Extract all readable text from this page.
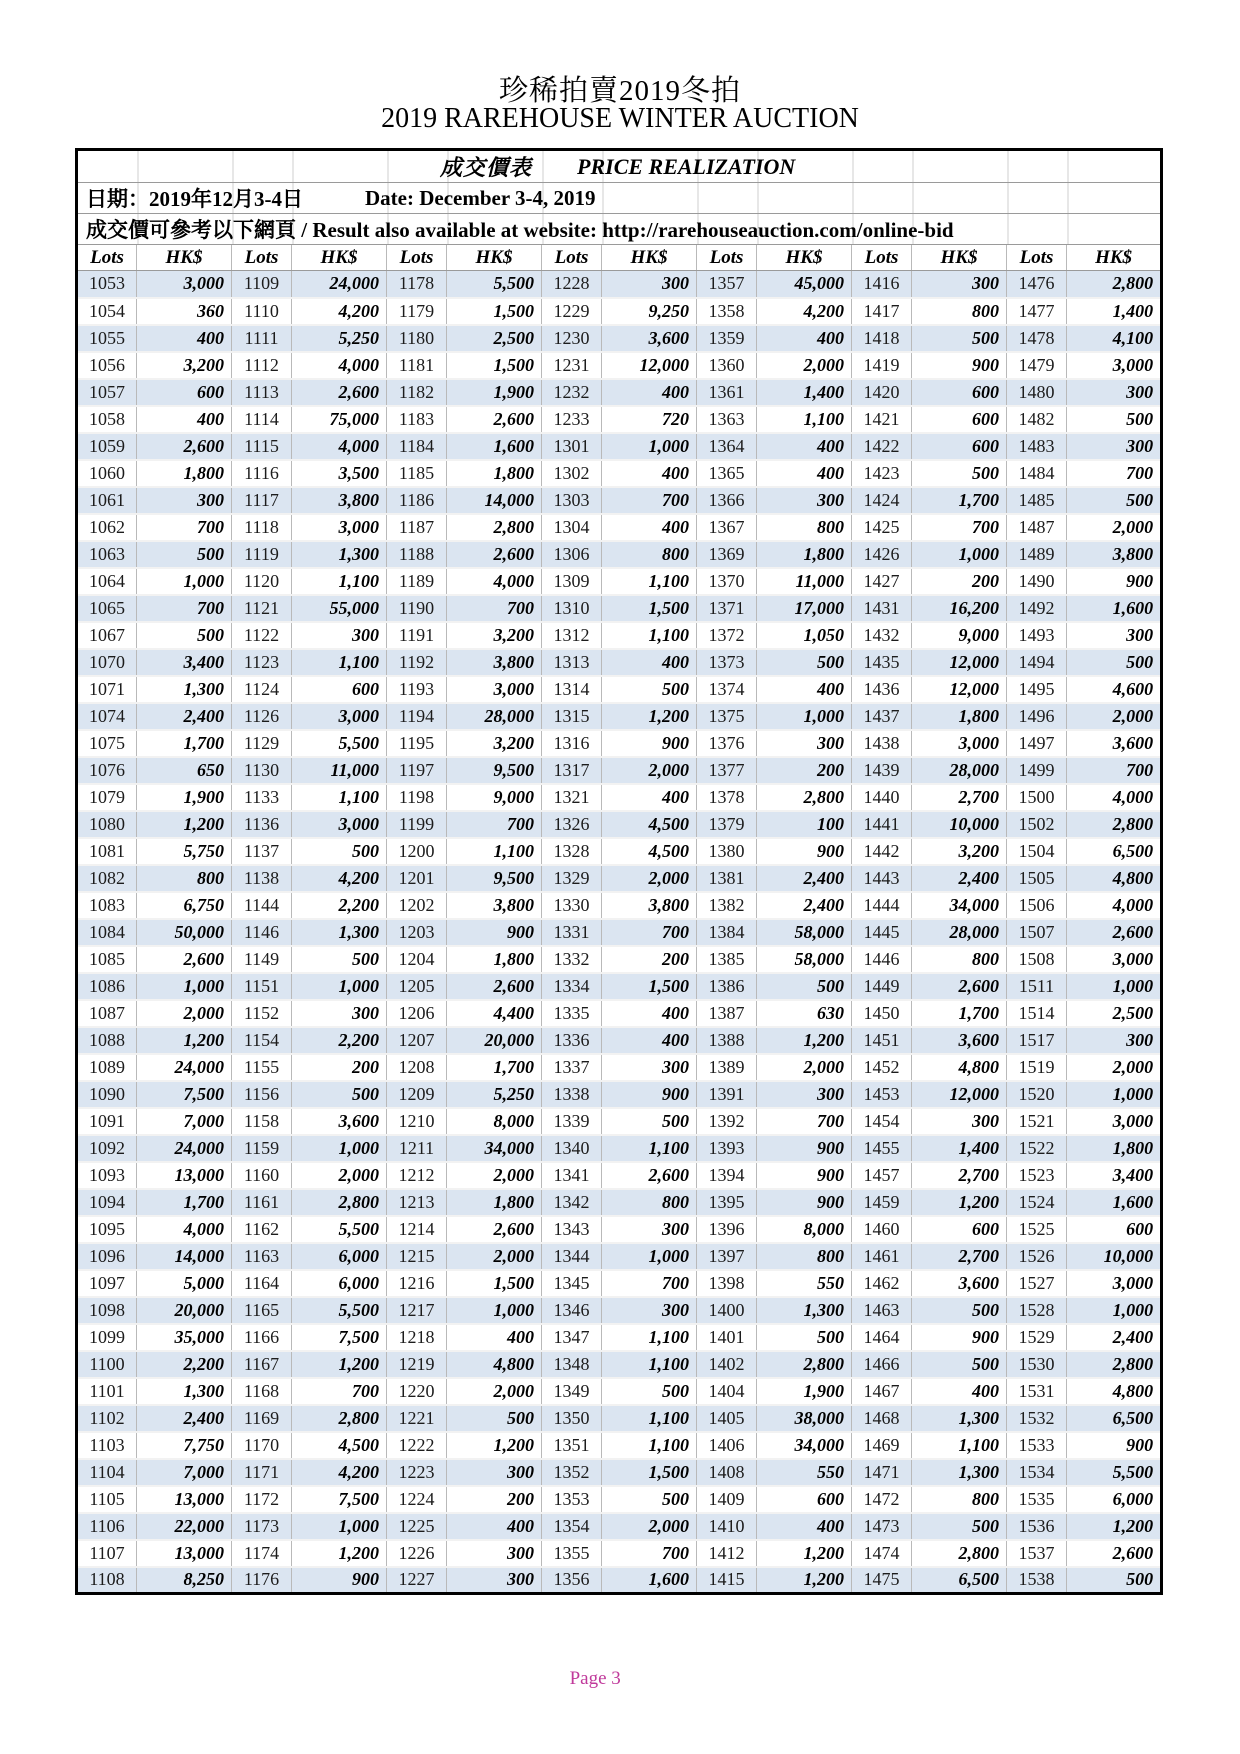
珍稀拍賣2019冬拍
2019 RAREHOUSE WINTER AUCTION
成交價表 PRICE REALIZATION													

日期：2019年12月3-4日 Date: December 3-4, 2019													

成交價可參考以下網頁 / Result also available at website: http://rarehouseauction.com/online-bid													

Lots	HK$	Lots	HK$	Lots	HK$	Lots	HK$	Lots	HK$	Lots	HK$	Lots	HK$
1053	3,000	1109	24,000	1178	5,500	1228	300	1357	45,000	1416	300	1476	2,800
1054	360	1110	4,200	1179	1,500	1229	9,250	1358	4,200	1417	800	1477	1,400
1055	400	1111	5,250	1180	2,500	1230	3,600	1359	400	1418	500	1478	4,100
1056	3,200	1112	4,000	1181	1,500	1231	12,000	1360	2,000	1419	900	1479	3,000
1057	600	1113	2,600	1182	1,900	1232	400	1361	1,400	1420	600	1480	300
1058	400	1114	75,000	1183	2,600	1233	720	1363	1,100	1421	600	1482	500
1059	2,600	1115	4,000	1184	1,600	1301	1,000	1364	400	1422	600	1483	300
1060	1,800	1116	3,500	1185	1,800	1302	400	1365	400	1423	500	1484	700
1061	300	1117	3,800	1186	14,000	1303	700	1366	300	1424	1,700	1485	500
1062	700	1118	3,000	1187	2,800	1304	400	1367	800	1425	700	1487	2,000
1063	500	1119	1,300	1188	2,600	1306	800	1369	1,800	1426	1,000	1489	3,800
1064	1,000	1120	1,100	1189	4,000	1309	1,100	1370	11,000	1427	200	1490	900
1065	700	1121	55,000	1190	700	1310	1,500	1371	17,000	1431	16,200	1492	1,600
1067	500	1122	300	1191	3,200	1312	1,100	1372	1,050	1432	9,000	1493	300
1070	3,400	1123	1,100	1192	3,800	1313	400	1373	500	1435	12,000	1494	500
1071	1,300	1124	600	1193	3,000	1314	500	1374	400	1436	12,000	1495	4,600
1074	2,400	1126	3,000	1194	28,000	1315	1,200	1375	1,000	1437	1,800	1496	2,000
1075	1,700	1129	5,500	1195	3,200	1316	900	1376	300	1438	3,000	1497	3,600
1076	650	1130	11,000	1197	9,500	1317	2,000	1377	200	1439	28,000	1499	700
1079	1,900	1133	1,100	1198	9,000	1321	400	1378	2,800	1440	2,700	1500	4,000
1080	1,200	1136	3,000	1199	700	1326	4,500	1379	100	1441	10,000	1502	2,800
1081	5,750	1137	500	1200	1,100	1328	4,500	1380	900	1442	3,200	1504	6,500
1082	800	1138	4,200	1201	9,500	1329	2,000	1381	2,400	1443	2,400	1505	4,800
1083	6,750	1144	2,200	1202	3,800	1330	3,800	1382	2,400	1444	34,000	1506	4,000
1084	50,000	1146	1,300	1203	900	1331	700	1384	58,000	1445	28,000	1507	2,600
1085	2,600	1149	500	1204	1,800	1332	200	1385	58,000	1446	800	1508	3,000
1086	1,000	1151	1,000	1205	2,600	1334	1,500	1386	500	1449	2,600	1511	1,000
1087	2,000	1152	300	1206	4,400	1335	400	1387	630	1450	1,700	1514	2,500
1088	1,200	1154	2,200	1207	20,000	1336	400	1388	1,200	1451	3,600	1517	300
1089	24,000	1155	200	1208	1,700	1337	300	1389	2,000	1452	4,800	1519	2,000
1090	7,500	1156	500	1209	5,250	1338	900	1391	300	1453	12,000	1520	1,000
1091	7,000	1158	3,600	1210	8,000	1339	500	1392	700	1454	300	1521	3,000
1092	24,000	1159	1,000	1211	34,000	1340	1,100	1393	900	1455	1,400	1522	1,800
1093	13,000	1160	2,000	1212	2,000	1341	2,600	1394	900	1457	2,700	1523	3,400
1094	1,700	1161	2,800	1213	1,800	1342	800	1395	900	1459	1,200	1524	1,600
1095	4,000	1162	5,500	1214	2,600	1343	300	1396	8,000	1460	600	1525	600
1096	14,000	1163	6,000	1215	2,000	1344	1,000	1397	800	1461	2,700	1526	10,000
1097	5,000	1164	6,000	1216	1,500	1345	700	1398	550	1462	3,600	1527	3,000
1098	20,000	1165	5,500	1217	1,000	1346	300	1400	1,300	1463	500	1528	1,000
1099	35,000	1166	7,500	1218	400	1347	1,100	1401	500	1464	900	1529	2,400
1100	2,200	1167	1,200	1219	4,800	1348	1,100	1402	2,800	1466	500	1530	2,800
1101	1,300	1168	700	1220	2,000	1349	500	1404	1,900	1467	400	1531	4,800
1102	2,400	1169	2,800	1221	500	1350	1,100	1405	38,000	1468	1,300	1532	6,500
1103	7,750	1170	4,500	1222	1,200	1351	1,100	1406	34,000	1469	1,100	1533	900
1104	7,000	1171	4,200	1223	300	1352	1,500	1408	550	1471	1,300	1534	5,500
1105	13,000	1172	7,500	1224	200	1353	500	1409	600	1472	800	1535	6,000
1106	22,000	1173	1,000	1225	400	1354	2,000	1410	400	1473	500	1536	1,200
1107	13,000	1174	1,200	1226	300	1355	700	1412	1,200	1474	2,800	1537	2,600
1108	8,250	1176	900	1227	300	1356	1,600	1415	1,200	1475	6,500	1538	500
Page 3
